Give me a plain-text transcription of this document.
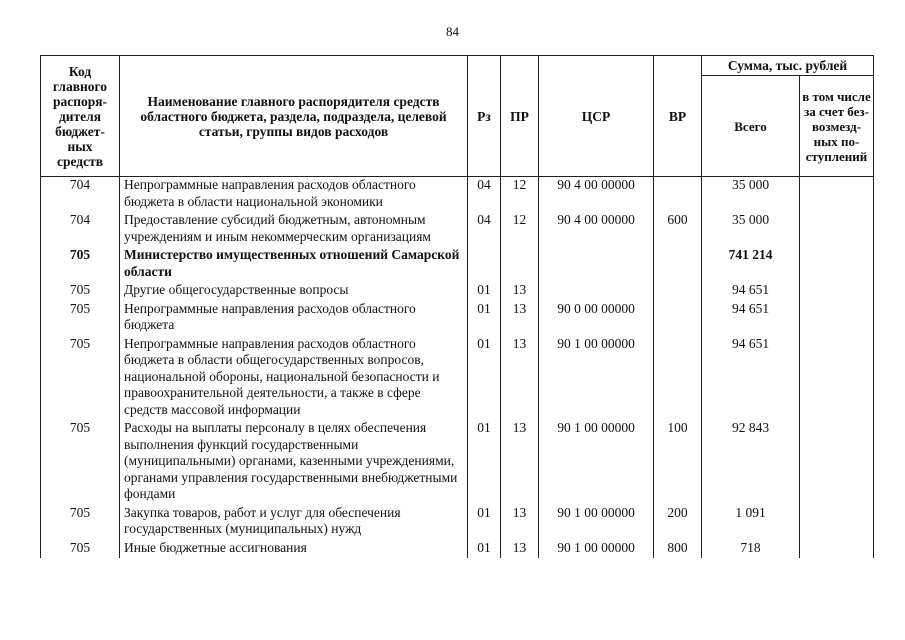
84
Код главного распоря-дителя бюджет-ных средств	Наименование главного распорядителя средств областного бюджета, раздела, подраздела, целевой статьи, группы видов расходов	Рз	ПР	ЦСР	ВР	Сумма, тыс. рублей	
						Всего	в том числе за счет без-возмезд-ных по-ступлений
704	Непрограммные направления расходов областного бюджета в области национальной экономики	04	12	90 4 00 00000		35 000	
704	Предоставление субсидий бюджетным, автономным учреждениям и иным некоммерческим организациям	04	12	90 4 00 00000	600	35 000	
705	Министерство имущественных отношений Самарской области					741 214	
705	Другие общегосударственные вопросы	01	13			94 651	
705	Непрограммные направления расходов областного бюджета	01	13	90 0 00 00000		94 651	
705	Непрограммные направления расходов областного бюджета в области общегосударственных вопросов, национальной обороны, национальной безопасности и правоохранительной деятельности, а также в сфере средств массовой информации	01	13	90 1 00 00000		94 651	
705	Расходы на выплаты персоналу в целях обеспечения выполнения функций государственными (муниципальными) органами, казенными учреждениями, органами управления государственными внебюджетными фондами	01	13	90 1 00 00000	100	92 843	
705	Закупка товаров, работ и услуг для обеспечения государственных (муниципальных) нужд	01	13	90 1 00 00000	200	1 091	
705	Иные бюджетные ассигнования	01	13	90 1 00 00000	800	718	
